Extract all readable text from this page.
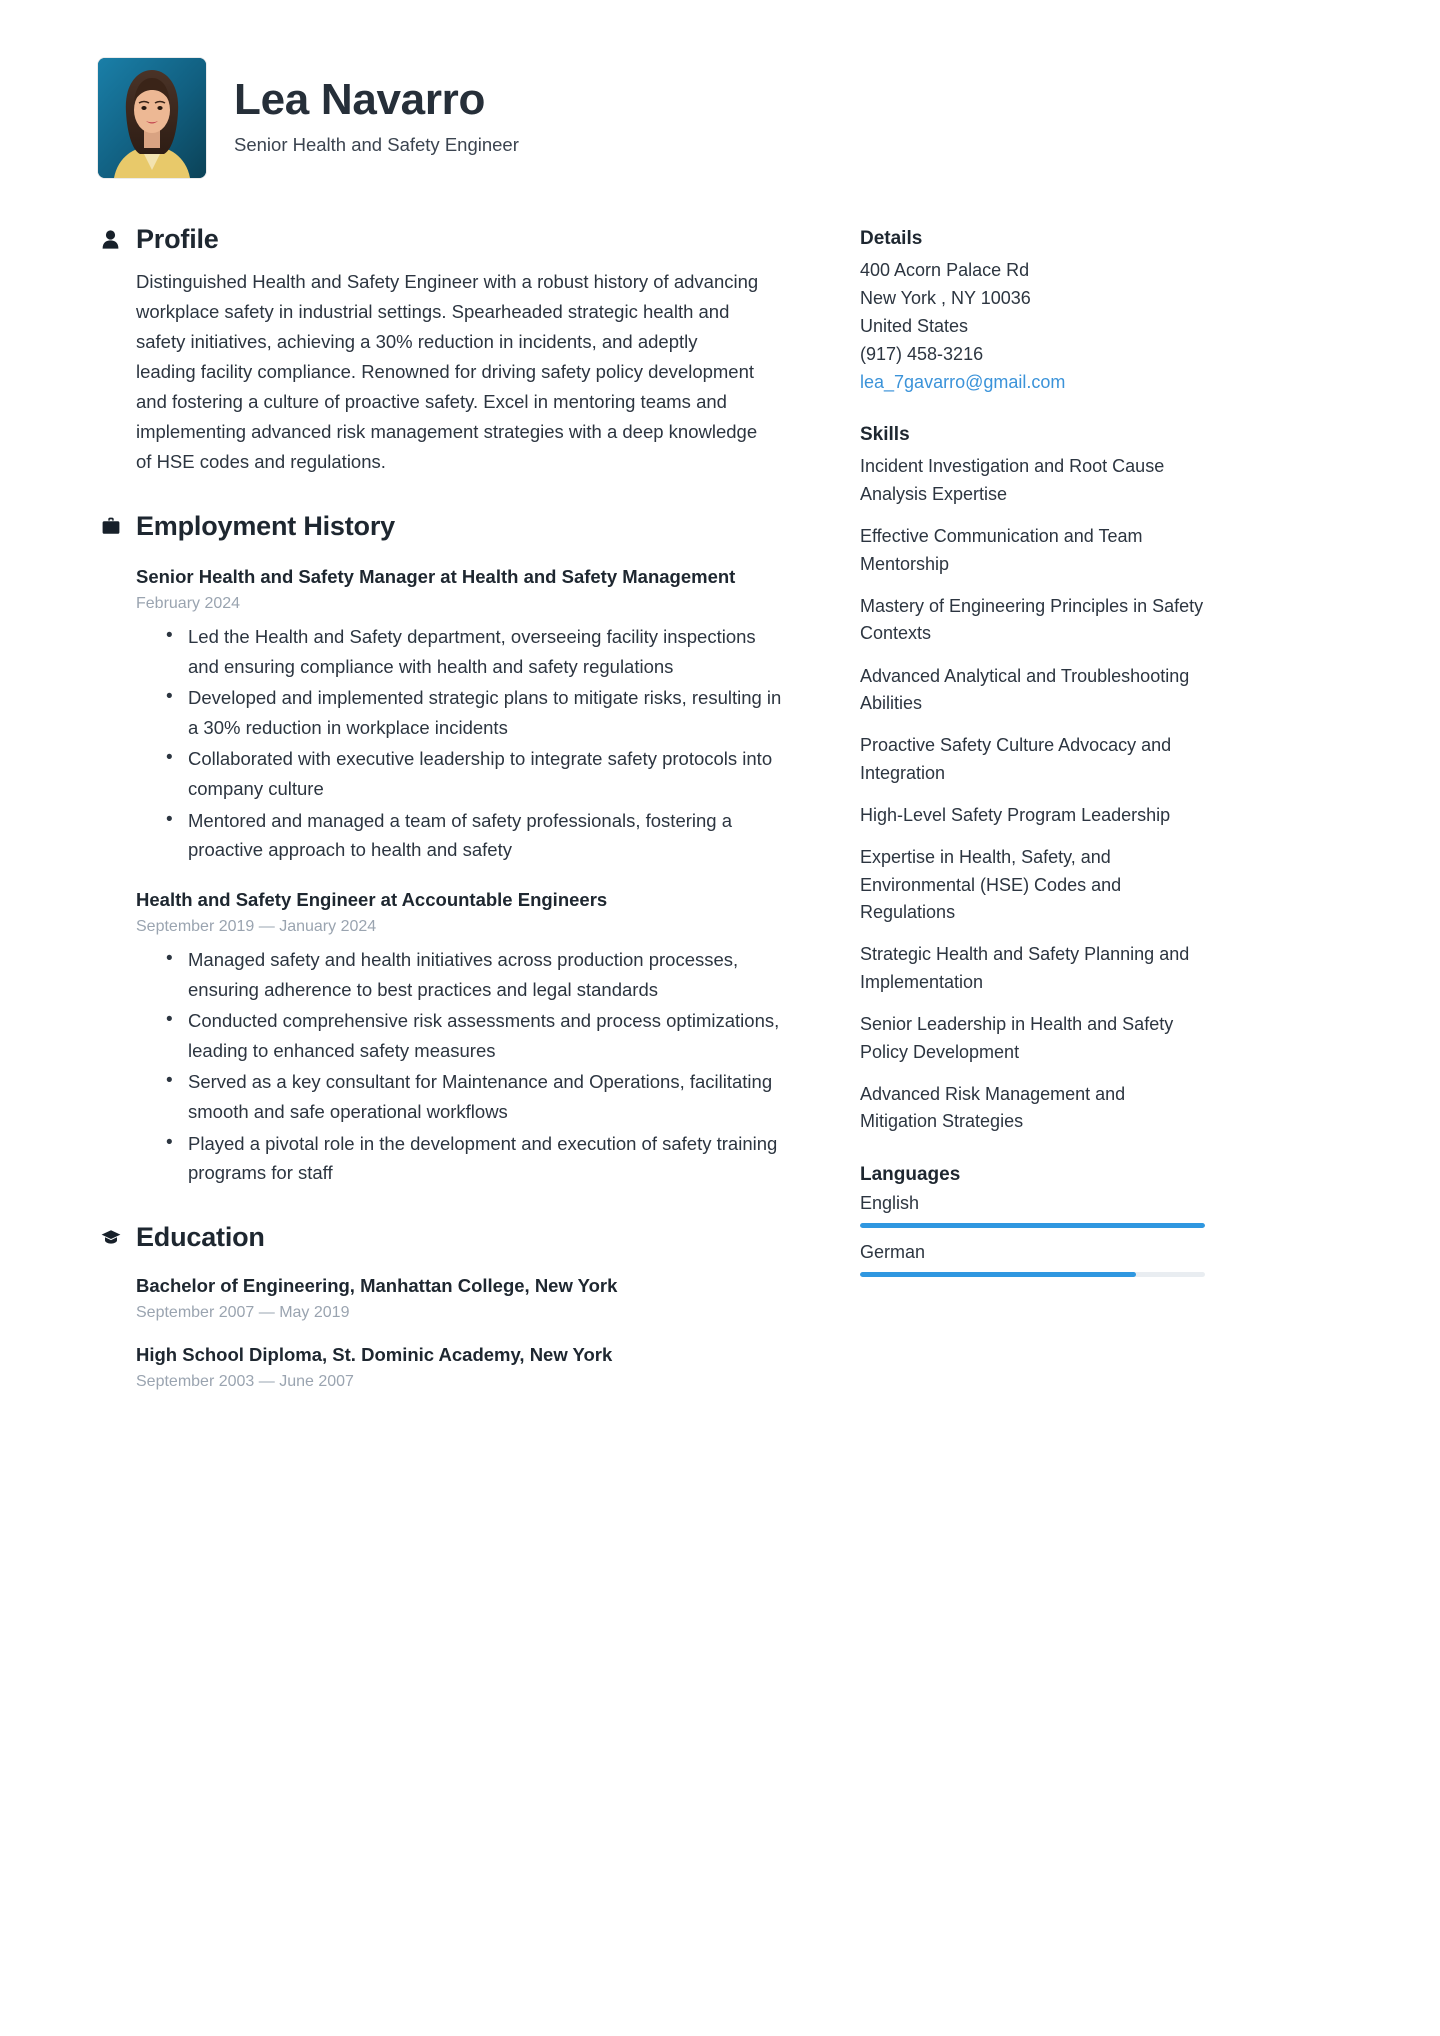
Lea Navarro
Senior Health and Safety Engineer
Profile

Distinguished Health and Safety Engineer with a robust history of advancing workplace safety in industrial settings. Spearheaded strategic health and safety initiatives, achieving a 30% reduction in incidents, and adeptly leading facility compliance. Renowned for driving safety policy development and fostering a culture of proactive safety. Excel in mentoring teams and implementing advanced risk management strategies with a deep knowledge of HSE codes and regulations.

Employment History
Senior Health and Safety Manager at Health and Safety Management
February 2024
• Led the Health and Safety department, overseeing facility inspections and ensuring compliance with health and safety regulations
• Developed and implemented strategic plans to mitigate risks, resulting in a 30% reduction in workplace incidents
• Collaborated with executive leadership to integrate safety protocols into company culture
• Mentored and managed a team of safety professionals, fostering a proactive approach to health and safety
Health and Safety Engineer at Accountable Engineers
September 2019 — January 2024
• Managed safety and health initiatives across production processes, ensuring adherence to best practices and legal standards
• Conducted comprehensive risk assessments and process optimizations, leading to enhanced safety measures
• Served as a key consultant for Maintenance and Operations, facilitating smooth and safe operational workflows
• Played a pivotal role in the development and execution of safety training programs for staff
Education
Bachelor of Engineering, Manhattan College, New York
September 2007 — May 2019
High School Diploma, St. Dominic Academy, New York
September 2003 — June 2007
Details
400 Acorn Palace Rd
New York , NY 10036
United States
(917) 458-3216
lea_7gavarro@gmail.com
Skills
Incident Investigation and Root Cause Analysis Expertise
Effective Communication and Team Mentorship
Mastery of Engineering Principles in Safety Contexts
Advanced Analytical and Troubleshooting Abilities
Proactive Safety Culture Advocacy and Integration
High-Level Safety Program Leadership
Expertise in Health, Safety, and Environmental (HSE) Codes and Regulations
Strategic Health and Safety Planning and Implementation
Senior Leadership in Health and Safety Policy Development
Advanced Risk Management and Mitigation Strategies
Languages
English
German
